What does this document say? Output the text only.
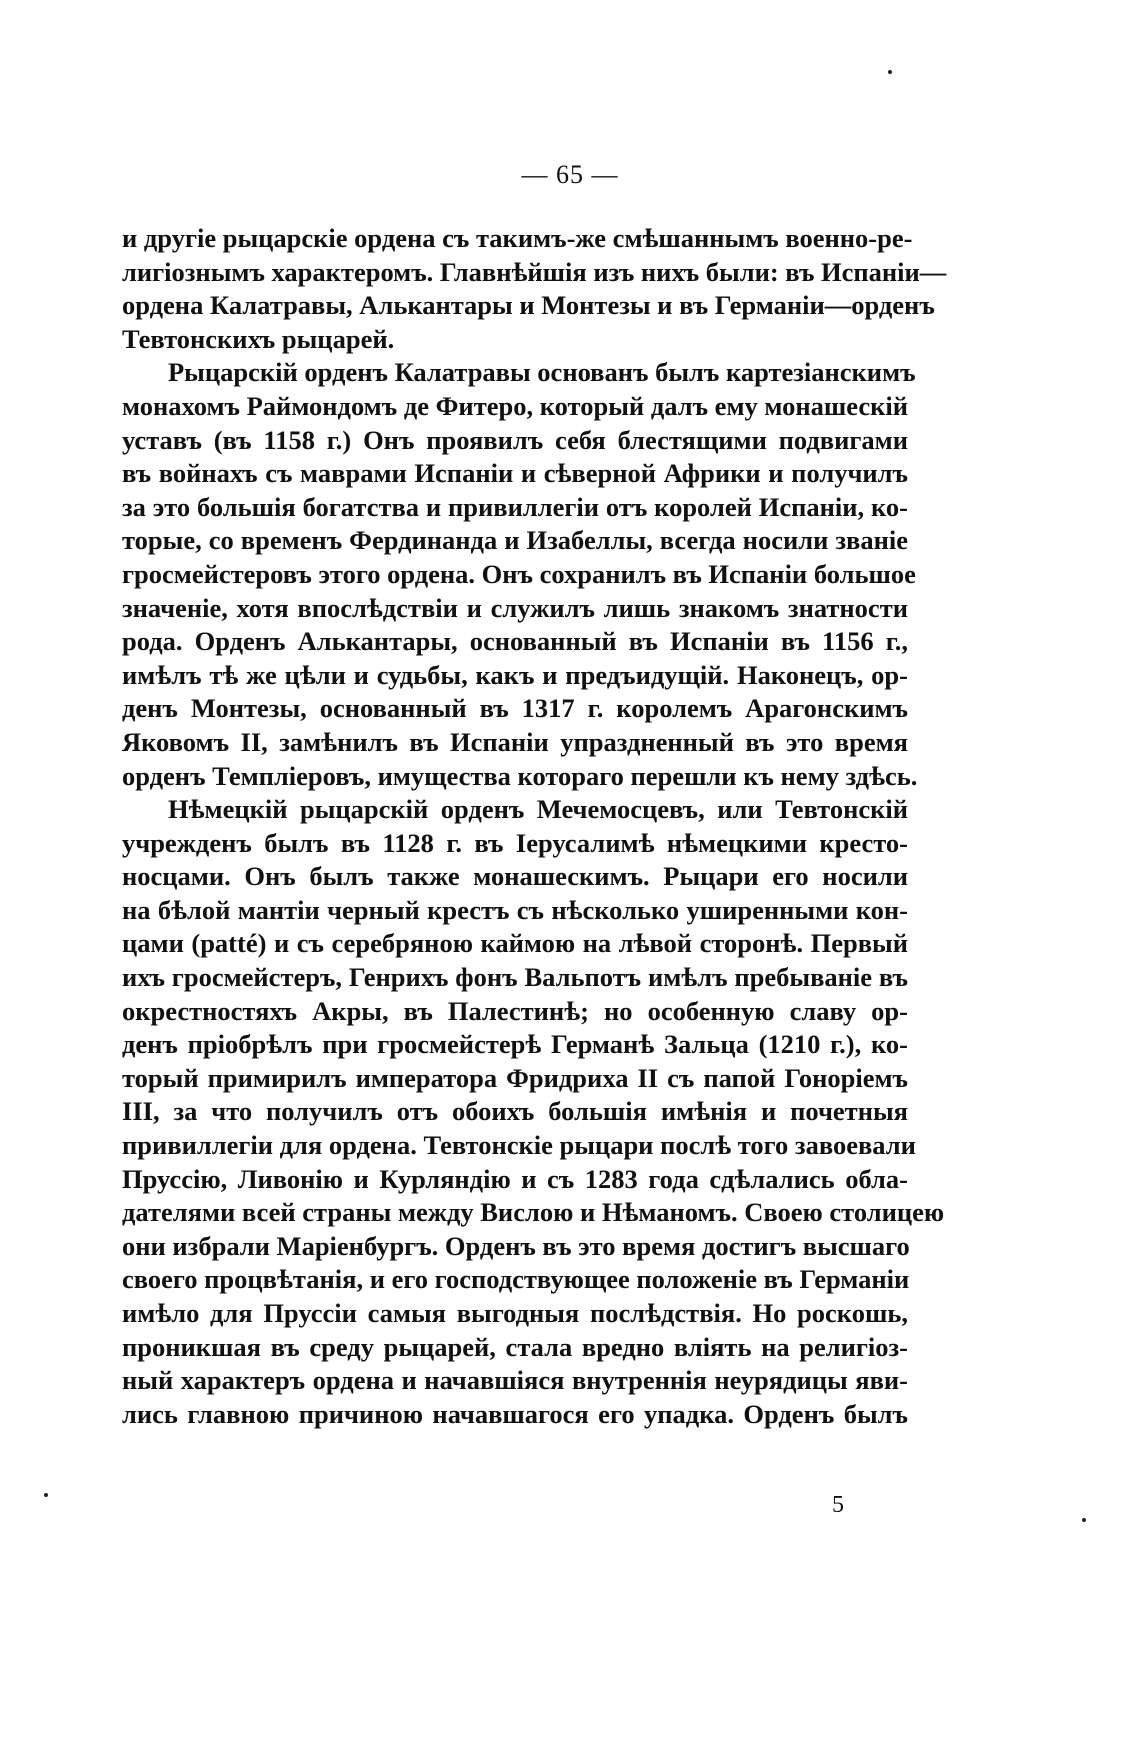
— 65 —
и другіе рыцарскіе ордена съ такимъ-же смѣшаннымъ военно-ре-
лигіознымъ характеромъ. Главнѣйшія изъ нихъ были: въ Испаніи—
ордена Калатравы, Алькантары и Монтезы и въ Германіи—орденъ
Тевтонскихъ рыцарей.
Рыцарскій орденъ Калатравы основанъ былъ картезіанскимъ
монахомъ Раймондомъ де Фитеро, который далъ ему монашескій
уставъ (въ 1158 г.) Онъ проявилъ себя блестящими подвигами
въ войнахъ съ маврами Испаніи и сѣверной Африки и получилъ
за это большія богатства и привиллегіи отъ королей Испаніи, ко-
торые, со временъ Фердинанда и Изабеллы, всегда носили званіе
гросмейстеровъ этого ордена. Онъ сохранилъ въ Испаніи большое
значеніе, хотя впослѣдствіи и служилъ лишь знакомъ знатности
рода. Орденъ Алькантары, основанный въ Испаніи въ 1156 г.,
имѣлъ тѣ же цѣли и судьбы, какъ и предъидущій. Наконецъ, ор-
денъ Монтезы, основанный въ 1317 г. королемъ Арагонскимъ
Яковомъ II, замѣнилъ въ Испаніи упраздненный въ это время
орденъ Темпліеровъ, имущества котораго перешли къ нему здѣсь.
Нѣмецкій рыцарскій орденъ Мечемосцевъ, или Тевтонскій
учрежденъ былъ въ 1128 г. въ Іерусалимѣ нѣмецкими кресто-
носцами. Онъ былъ также монашескимъ. Рыцари его носили
на бѣлой мантіи черный крестъ съ нѣсколько уширенными кон-
цами (patté) и съ серебряною каймою на лѣвой сторонѣ. Первый
ихъ гросмейстеръ, Генрихъ фонъ Вальпотъ имѣлъ пребываніе въ
окрестностяхъ Акры, въ Палестинѣ; но особенную славу ор-
денъ пріобрѣлъ при гросмейстерѣ Германѣ Зальца (1210 г.), ко-
торый примирилъ императора Фридриха II съ папой Гоноріемъ
III, за что получилъ отъ обоихъ большія имѣнія и почетныя
привиллегіи для ордена. Тевтонскіе рыцари послѣ того завоевали
Пруссію, Ливонію и Курляндію и съ 1283 года сдѣлались обла-
дателями всей страны между Вислою и Нѣманомъ. Своею столицею
они избрали Маріенбургъ. Орденъ въ это время достигъ высшаго
своего процвѣтанія, и его господствующее положеніе въ Германіи
имѣло для Пруссіи самыя выгодныя послѣдствія. Но роскошь,
проникшая въ среду рыцарей, стала вредно вліять на религіоз-
ный характеръ ордена и начавшіяся внутреннія неурядицы яви-
лись главною причиною начавшагося его упадка. Орденъ былъ
5
